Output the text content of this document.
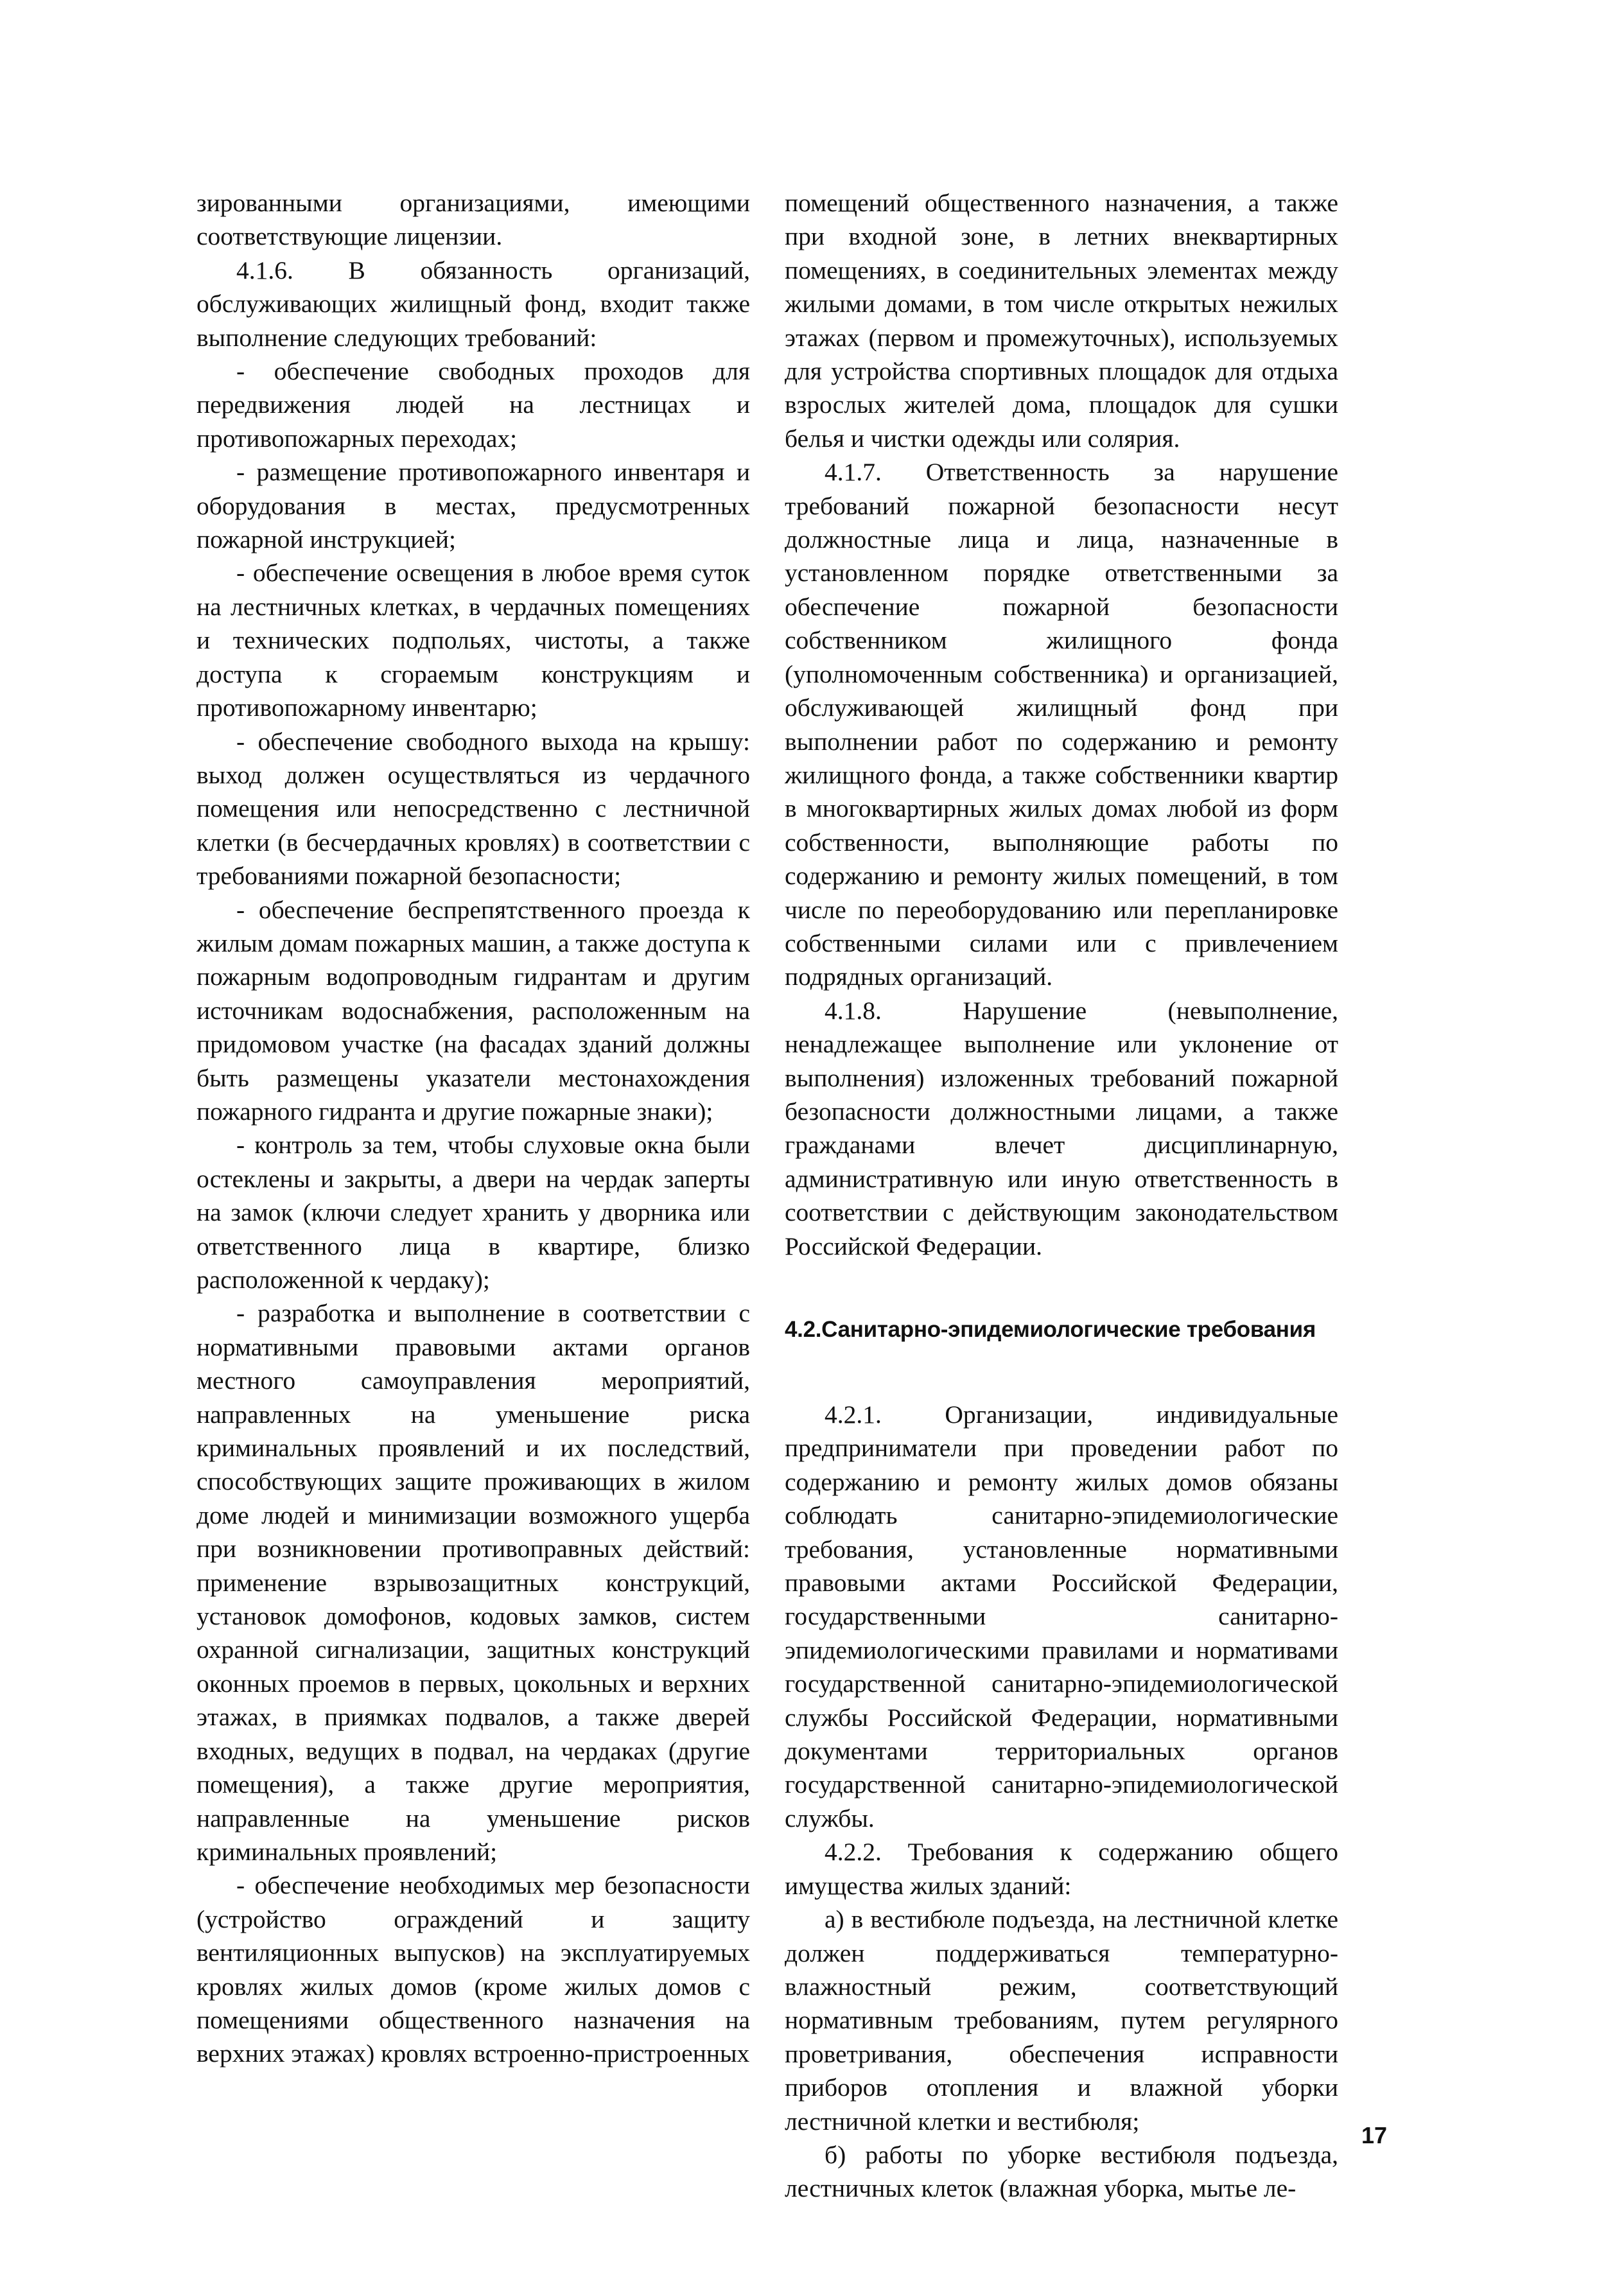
зированными организациями, имеющими соответствующие лицензии.

4.1.6. В обязанность организаций, обслуживающих жилищный фонд, входит также выполнение следующих требований:

- обеспечение свободных проходов для передвижения людей на лестницах и противопожарных переходах;

- размещение противопожарного инвентаря и оборудования в местах, предусмотренных пожарной инструкцией;

- обеспечение освещения в любое время суток на лестничных клетках, в чердачных помещениях и технических подпольях, чистоты, а также доступа к сгораемым конструкциям и противопожарному инвентарю;

- обеспечение свободного выхода на крышу: выход должен осуществляться из чердачного помещения или непосредственно с лестничной клетки (в бесчердачных кровлях) в соответствии с требованиями пожарной безопасности;

- обеспечение беспрепятственного проезда к жилым домам пожарных машин, а также доступа к пожарным водопроводным гидрантам и другим источникам водоснабжения, расположенным на придомовом участке (на фасадах зданий должны быть размещены указатели местонахождения пожарного гидранта и другие пожарные знаки);

- контроль за тем, чтобы слуховые окна были остеклены и закрыты, а двери на чердак заперты на замок (ключи следует хранить у дворника или ответственного лица в квартире, близко расположенной к чердаку);

- разработка и выполнение в соответствии с нормативными правовыми актами органов местного самоуправления мероприятий, направленных на уменьшение риска криминальных проявлений и их последствий, способствующих защите проживающих в жилом доме людей и минимизации возможного ущерба при возникновении противоправных действий: применение взрывозащитных конструкций, установок домофонов, кодовых замков, систем охранной сигнализации, защитных конструкций оконных проемов в первых, цокольных и верхних этажах, в приямках подвалов, а также дверей входных, ведущих в подвал, на чердаках (другие помещения), а также другие мероприятия, направленные на уменьшение рисков криминальных проявлений;

- обеспечение необходимых мер безопасности (устройство ограждений и защиту вентиляционных выпусков) на эксплуатируемых кровлях жилых домов (кроме жилых домов с помещениями общественного назначения на верхних этажах) кровлях встроенно-пристроенных

помещений общественного назначения, а также при входной зоне, в летних внеквартирных помещениях, в соединительных элементах между жилыми домами, в том числе открытых нежилых этажах (первом и промежуточных), используемых для устройства спортивных площадок для отдыха взрослых жителей дома, площадок для сушки белья и чистки одежды или солярия.

4.1.7. Ответственность за нарушение требований пожарной безопасности несут должностные лица и лица, назначенные в установленном порядке ответственными за обеспечение пожарной безопасности собственником жилищного фонда (уполномоченным собственника) и организацией, обслуживающей жилищный фонд при выполнении работ по содержанию и ремонту жилищного фонда, а также собственники квартир в многоквартирных жилых домах любой из форм собственности, выполняющие работы по содержанию и ремонту жилых помещений, в том числе по переоборудованию или перепланировке собственными силами или с привлечением подрядных организаций.

4.1.8. Нарушение (невыполнение, ненадлежащее выполнение или уклонение от выполнения) изложенных требований пожарной безопасности должностными лицами, а также гражданами влечет дисциплинарную, административную или иную ответственность в соответствии с действующим законодательством Российской Федерации.

4.2.Санитарно-эпидемиологические требования

4.2.1. Организации, индивидуальные предприниматели при проведении работ по содержанию и ремонту жилых домов обязаны соблюдать санитарно-эпидемиологические требования, установленные нормативными правовыми актами Российской Федерации, государственными санитарно-эпидемиологическими правилами и нормативами государственной санитарно-эпидемиологической службы Российской Федерации, нормативными документами территориальных органов государственной санитарно-эпидемиологической службы.

4.2.2. Требования к содержанию общего имущества жилых зданий:

а) в вестибюле подъезда, на лестничной клетке должен поддерживаться температурно-влажностный режим, соответствующий нормативным требованиям, путем регулярного проветривания, обеспечения исправности приборов отопления и влажной уборки лестничной клетки и вестибюля;

б) работы по уборке вестибюля подъезда, лестничных клеток (влажная уборка, мытье ле-

17
